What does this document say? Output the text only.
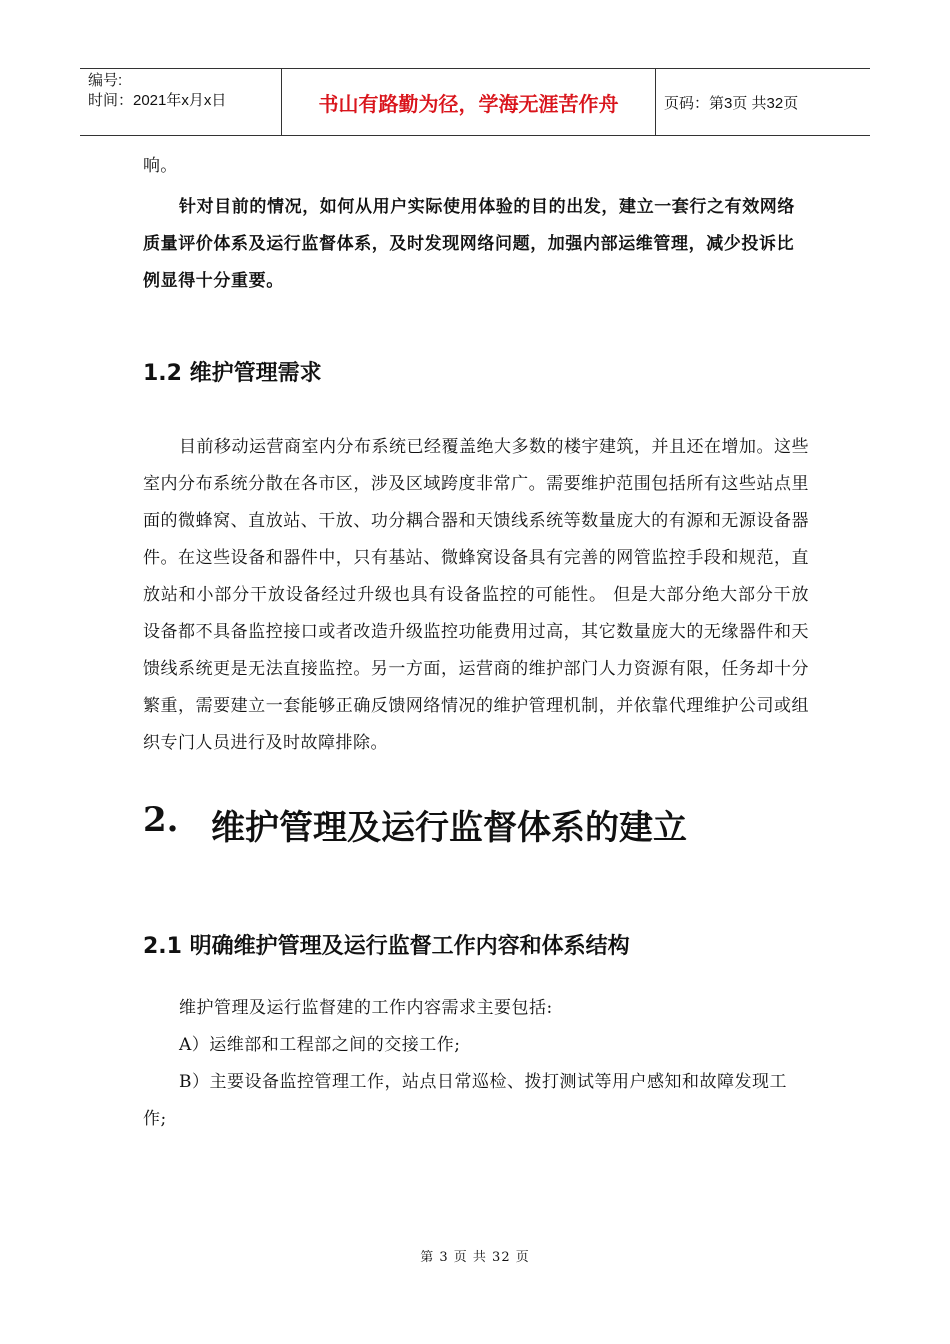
编号:
时间：2021年x月x日	书山有路勤为径，学海无涯苦作舟	页码：第3页 共32页

响。

针对目前的情况，如何从用户实际使用体验的目的出发，建立一套行之有效网络质量评价体系及运行监督体系，及时发现网络问题，加强内部运维管理，减少投诉比例显得十分重要。

1.2 维护管理需求

目前移动运营商室内分布系统已经覆盖绝大多数的楼宇建筑，并且还在增加。这些室内分布系统分散在各市区，涉及区域跨度非常广。需要维护范围包括所有这些站点里面的微蜂窝、直放站、干放、功分耦合器和天馈线系统等数量庞大的有源和无源设备器件。在这些设备和器件中，只有基站、微蜂窝设备具有完善的网管监控手段和规范，直放站和小部分干放设备经过升级也具有设备监控的可能性。 但是大部分绝大部分干放设备都不具备监控接口或者改造升级监控功能费用过高，其它数量庞大的无缘器件和天馈线系统更是无法直接监控。另一方面，运营商的维护部门人力资源有限，任务却十分繁重，需要建立一套能够正确反馈网络情况的维护管理机制，并依靠代理维护公司或组织专门人员进行及时故障排除。

2. 维护管理及运行监督体系的建立
2.1 明确维护管理及运行监督工作内容和体系结构

维护管理及运行监督建的工作内容需求主要包括:

A）运维部和工程部之间的交接工作;

B）主要设备监控管理工作，站点日常巡检、拨打测试等用户感知和故障发现工作;

第 3 页 共 32 页
